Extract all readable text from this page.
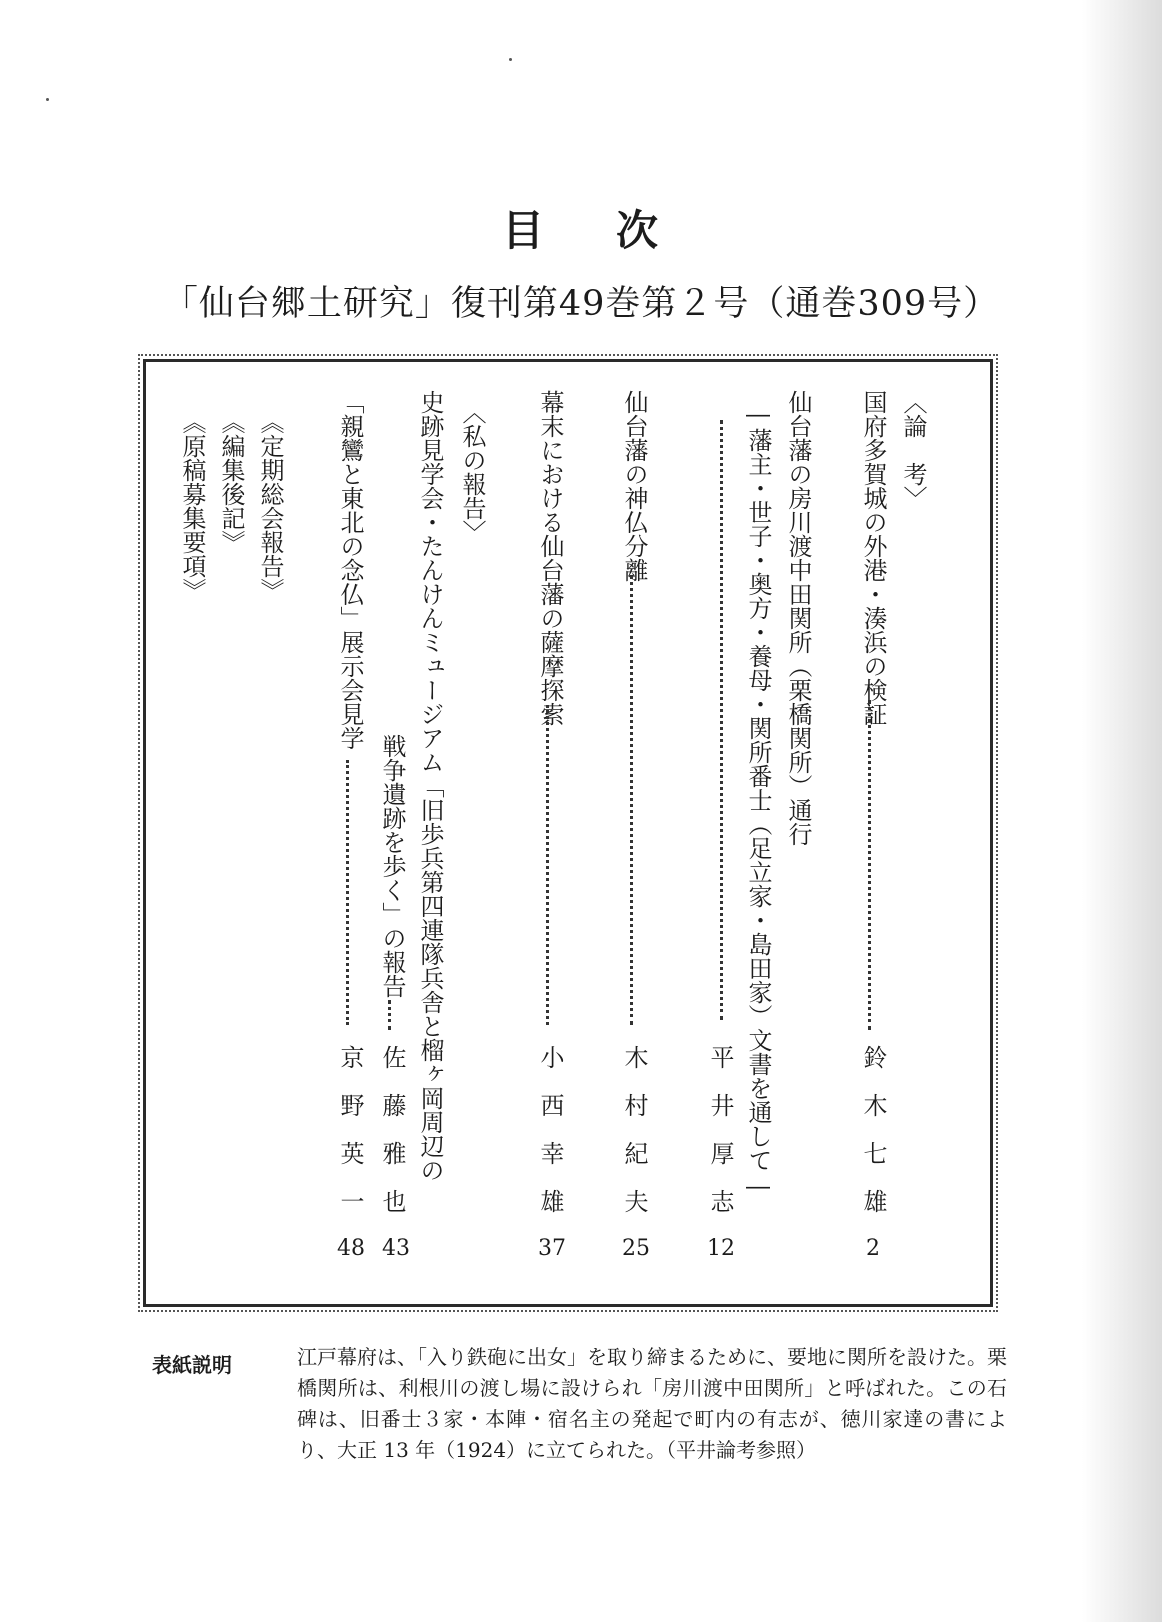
目 次
「仙台郷土研究」復刊第49巻第２号（通巻309号）
〈論　考〉
国府多賀城の外港・湊浜の検証
鈴木七雄
2
仙台藩の房川渡中田関所（栗橋関所）通行
―藩主・世子・奥方・養母・関所番士（足立家・島田家）文書を通して―
平井厚志
12
仙台藩の神仏分離
木村紀夫
25
幕末における仙台藩の薩摩探索
小西幸雄
37
〈私の報告〉
史跡見学会・たんけんミュージアム「旧歩兵第四連隊兵舎と榴ヶ岡周辺の
戦争遺跡を歩く」の報告
佐藤雅也
43
「親鸞と東北の念仏」展示会見学
京野英一
48
《定期総会報告》
《編集後記》
《原稿募集要項》
表紙説明	江戸幕府は、「入り鉄砲に出女」を取り締まるために、要地に関所を設けた。栗橋関所は、利根川の渡し場に設けられ「房川渡中田関所」と呼ばれた。この石碑は、旧番士３家・本陣・宿名主の発起で町内の有志が、徳川家達の書により、大正 13 年（1924）に立てられた。（平井論考参照）
